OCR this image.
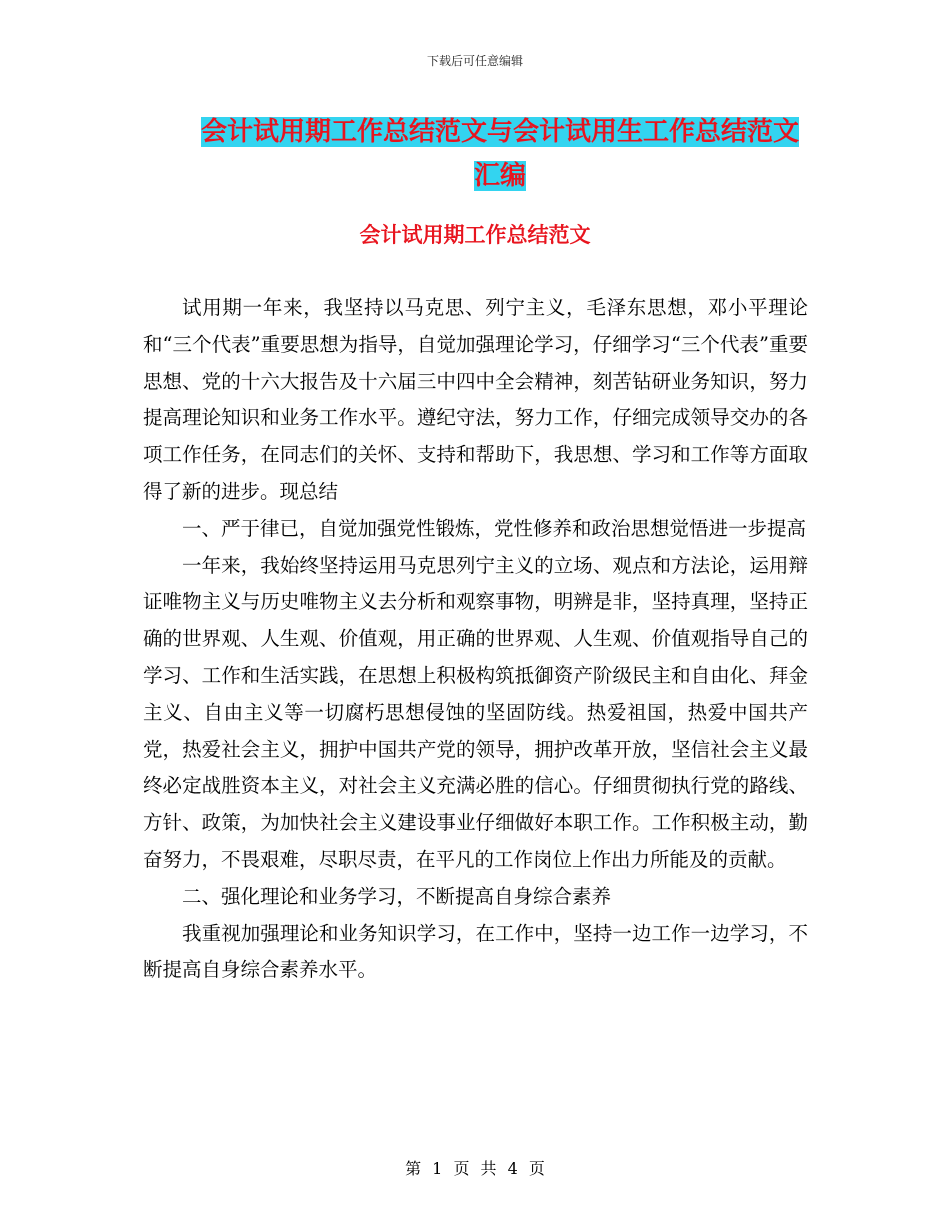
下载后可任意编辑
会计试用期工作总结范文与会计试用生工作总结范文
汇编
会计试用期工作总结范文

试用期一年来，我坚持以马克思、列宁主义，毛泽东思想，邓小平理论和“三个代表”重要思想为指导，自觉加强理论学习，仔细学习“三个代表”重要思想、党的十六大报告及十六届三中四中全会精神，刻苦钻研业务知识，努力提高理论知识和业务工作水平。遵纪守法，努力工作，仔细完成领导交办的各项工作任务，在同志们的关怀、支持和帮助下，我思想、学习和工作等方面取得了新的进步。现总结

一、严于律已，自觉加强党性锻炼，党性修养和政治思想觉悟进一步提高

一年来，我始终坚持运用马克思列宁主义的立场、观点和方法论，运用辩证唯物主义与历史唯物主义去分析和观察事物，明辨是非，坚持真理，坚持正确的世界观、人生观、价值观，用正确的世界观、人生观、价值观指导自己的学习、工作和生活实践，在思想上积极构筑抵御资产阶级民主和自由化、拜金主义、自由主义等一切腐朽思想侵蚀的坚固防线。热爱祖国，热爱中国共产党，热爱社会主义，拥护中国共产党的领导，拥护改革开放，坚信社会主义最终必定战胜资本主义，对社会主义充满必胜的信心。仔细贯彻执行党的路线、方针、政策，为加快社会主义建设事业仔细做好本职工作。工作积极主动，勤奋努力，不畏艰难，尽职尽责，在平凡的工作岗位上作出力所能及的贡献。

二、强化理论和业务学习，不断提高自身综合素养

我重视加强理论和业务知识学习，在工作中，坚持一边工作一边学习，不断提高自身综合素养水平。

第 1 页 共 4 页
